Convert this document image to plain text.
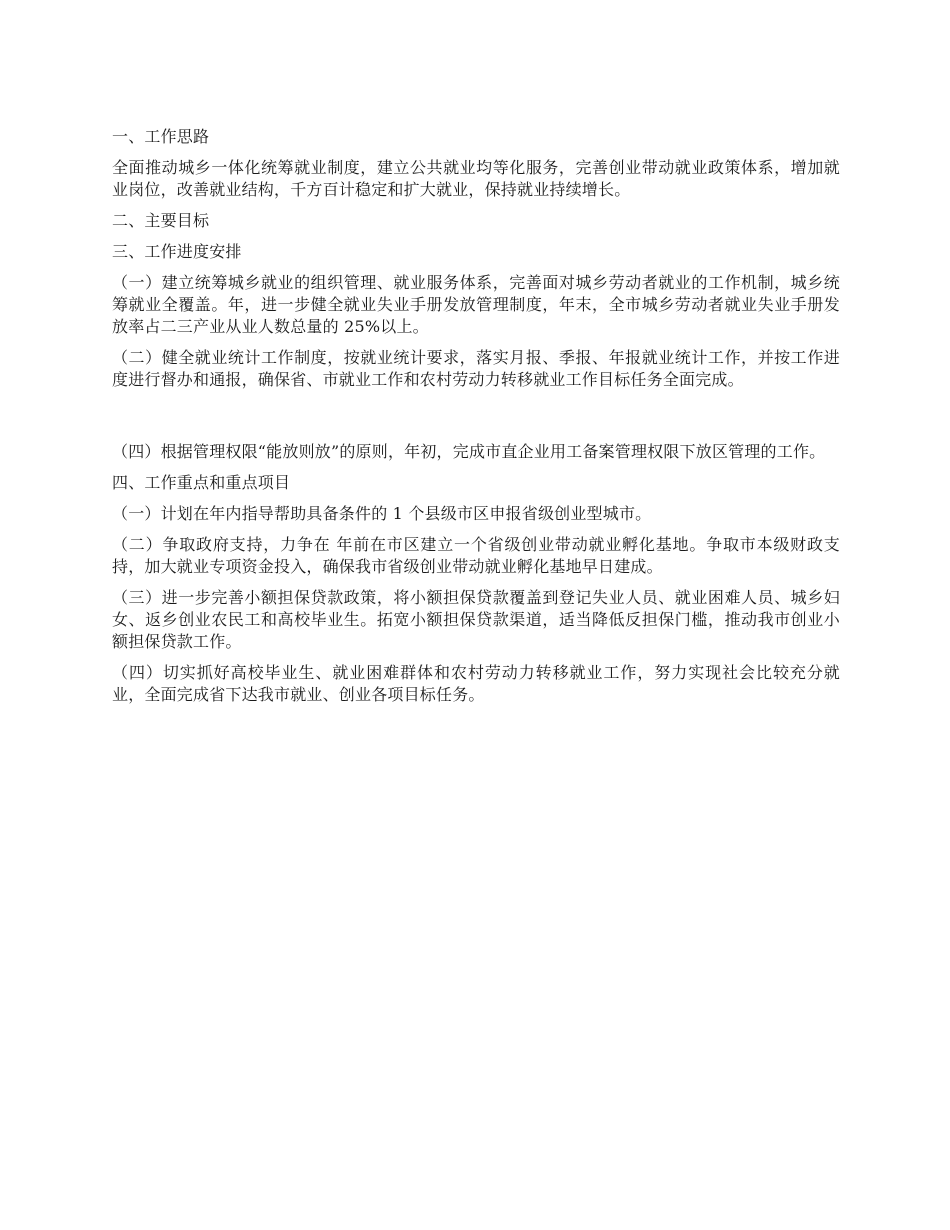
一、工作思路

全面推动城乡一体化统筹就业制度，建立公共就业均等化服务，完善创业带动就业政策体系，增加就业岗位，改善就业结构，千方百计稳定和扩大就业，保持就业持续增长。

二、主要目标

三、工作进度安排

（一）建立统筹城乡就业的组织管理、就业服务体系，完善面对城乡劳动者就业的工作机制，城乡统筹就业全覆盖。年，进一步健全就业失业手册发放管理制度，年末，全市城乡劳动者就业失业手册发放率占二三产业从业人数总量的 25%以上。

（二）健全就业统计工作制度，按就业统计要求，落实月报、季报、年报就业统计工作，并按工作进度进行督办和通报，确保省、市就业工作和农村劳动力转移就业工作目标任务全面完成。

（四）根据管理权限“能放则放”的原则，年初，完成市直企业用工备案管理权限下放区管理的工作。

四、工作重点和重点项目

（一）计划在年内指导帮助具备条件的 1 个县级市区申报省级创业型城市。

（二）争取政府支持，力争在 年前在市区建立一个省级创业带动就业孵化基地。争取市本级财政支持，加大就业专项资金投入，确保我市省级创业带动就业孵化基地早日建成。

（三）进一步完善小额担保贷款政策，将小额担保贷款覆盖到登记失业人员、就业困难人员、城乡妇女、返乡创业农民工和高校毕业生。拓宽小额担保贷款渠道，适当降低反担保门槛，推动我市创业小额担保贷款工作。

（四）切实抓好高校毕业生、就业困难群体和农村劳动力转移就业工作，努力实现社会比较充分就业，全面完成省下达我市就业、创业各项目标任务。
